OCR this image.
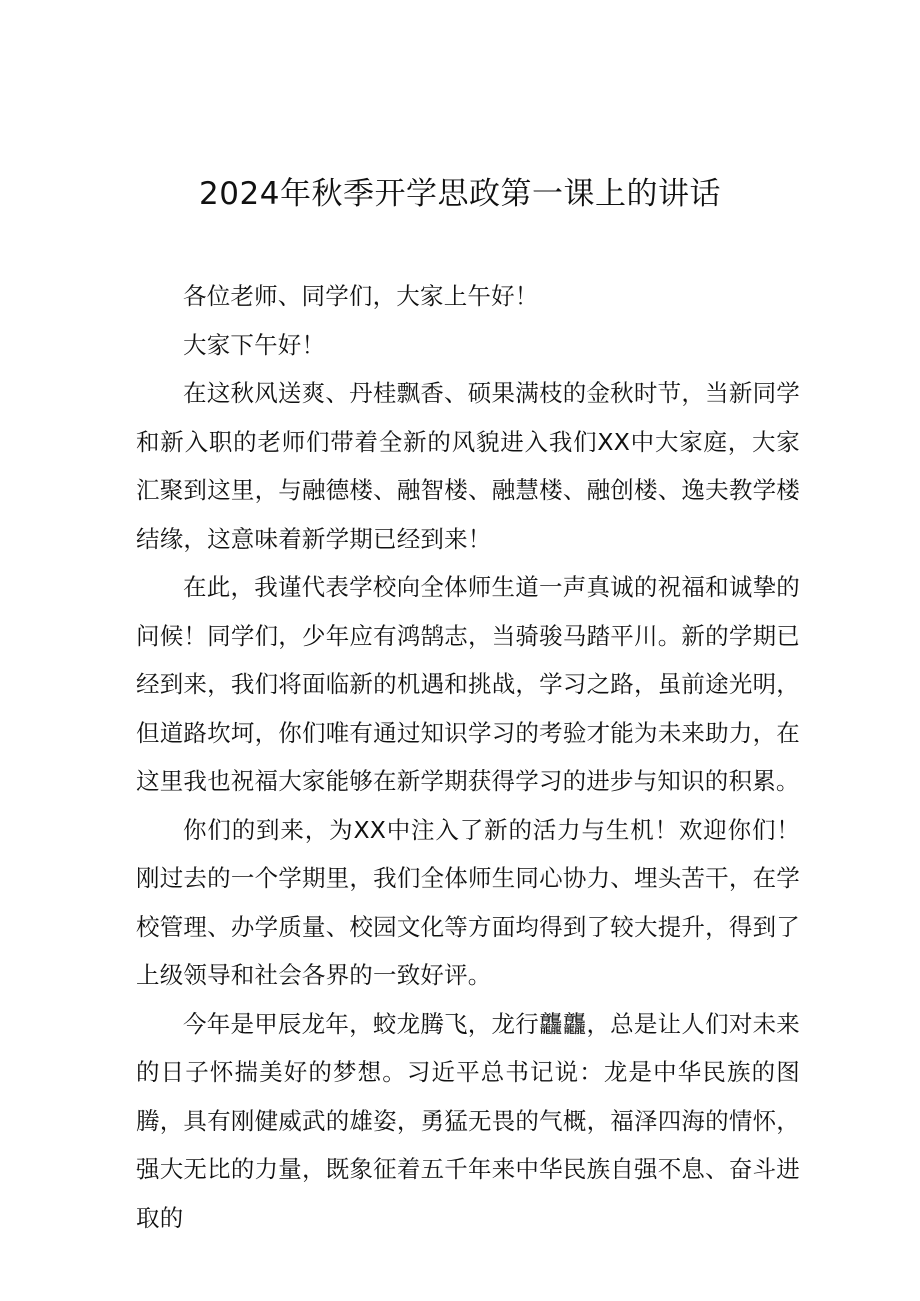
2024年秋季开学思政第一课上的讲话

各位老师、同学们，大家上午好！

大家下午好！

在这秋风送爽、丹桂飘香、硕果满枝的金秋时节，当新同学和新入职的老师们带着全新的风貌进入我们XX中大家庭，大家汇聚到这里，与融德楼、融智楼、融慧楼、融创楼、逸夫教学楼结缘，这意味着新学期已经到来！

在此，我谨代表学校向全体师生道一声真诚的祝福和诚挚的问候！同学们，少年应有鸿鹄志，当骑骏马踏平川。新的学期已经到来，我们将面临新的机遇和挑战，学习之路，虽前途光明，但道路坎坷，你们唯有通过知识学习的考验才能为未来助力，在这里我也祝福大家能够在新学期获得学习的进步与知识的积累。

你们的到来，为XX中注入了新的活力与生机！欢迎你们！刚过去的一个学期里，我们全体师生同心协力、埋头苦干，在学校管理、办学质量、校园文化等方面均得到了较大提升，得到了上级领导和社会各界的一致好评。

今年是甲辰龙年，蛟龙腾飞，龙行龘龘，总是让人们对未来的日子怀揣美好的梦想。习近平总书记说：龙是中华民族的图腾，具有刚健威武的雄姿，勇猛无畏的气概，福泽四海的情怀，强大无比的力量，既象征着五千年来中华民族自强不息、奋斗进取的
